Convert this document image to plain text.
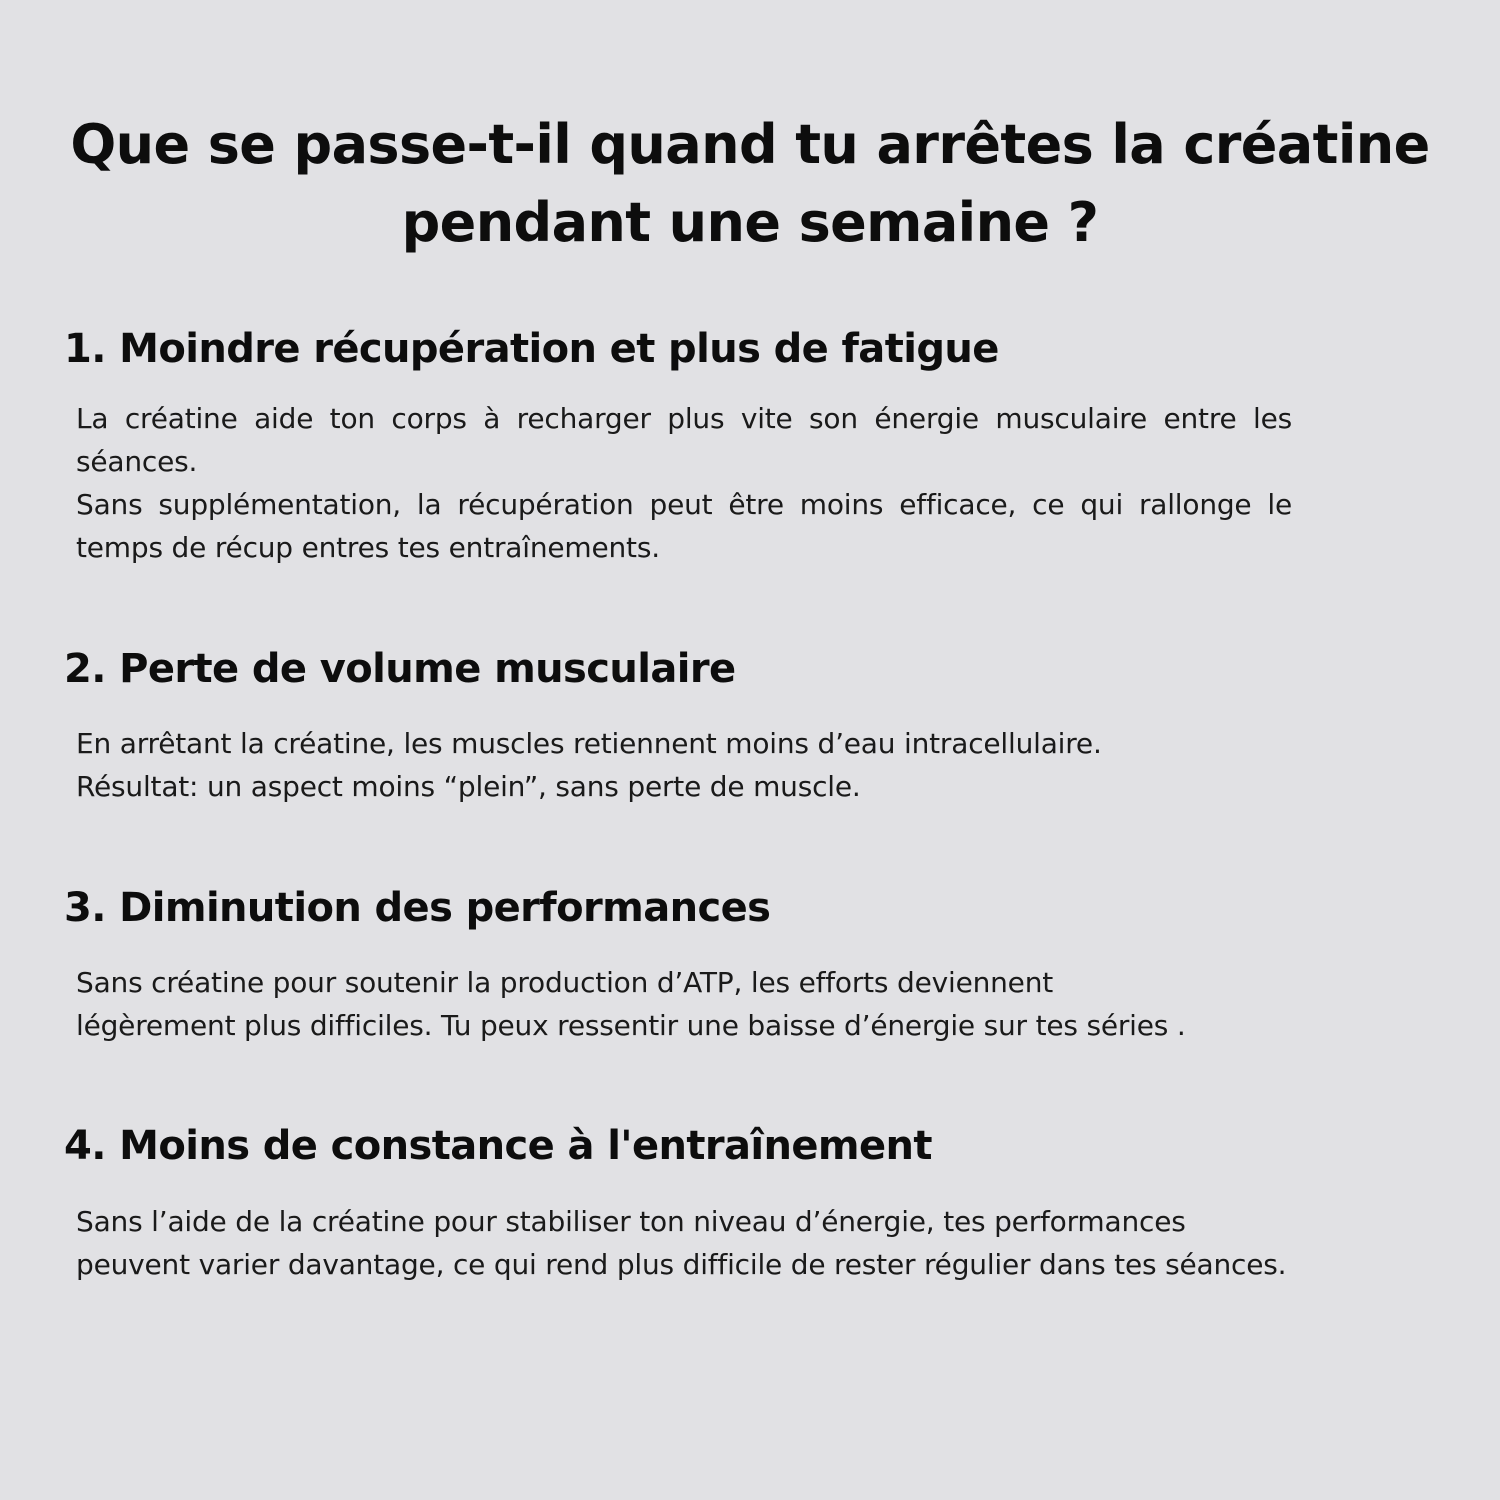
Que se passe-t-il quand tu arrêtes la créatine
pendant une semaine ?
1. Moindre récupération et plus de fatigue

La créatine aide ton corps à recharger plus vite son énergie musculaire entre les séances.

Sans supplémentation, la récupération peut être moins efficace, ce qui rallonge le temps de récup entres tes entraînements.

2. Perte de volume musculaire

En arrêtant la créatine, les muscles retiennent moins d’eau intracellulaire.

Résultat: un aspect moins “plein”, sans perte de muscle.

3. Diminution des performances

Sans créatine pour soutenir la production d’ATP, les efforts deviennent

légèrement plus difficiles. Tu peux ressentir une baisse d’énergie sur tes séries .

4. Moins de constance à l'entraînement

Sans l’aide de la créatine pour stabiliser ton niveau d’énergie, tes performances peuvent varier davantage, ce qui rend plus difficile de rester régulier dans tes séances.
